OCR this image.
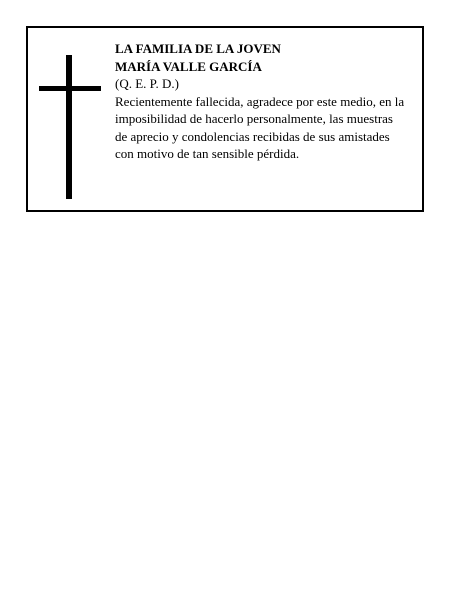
LA FAMILIA DE LA JOVEN
MARÍA VALLE GARCÍA
(Q. E. P. D.)
Recientemente fallecida, agradece por este medio, en la
imposibilidad de hacerlo personalmente, las muestras
de aprecio y condolencias recibidas de sus amistades
con motivo de tan sensible pérdida.
